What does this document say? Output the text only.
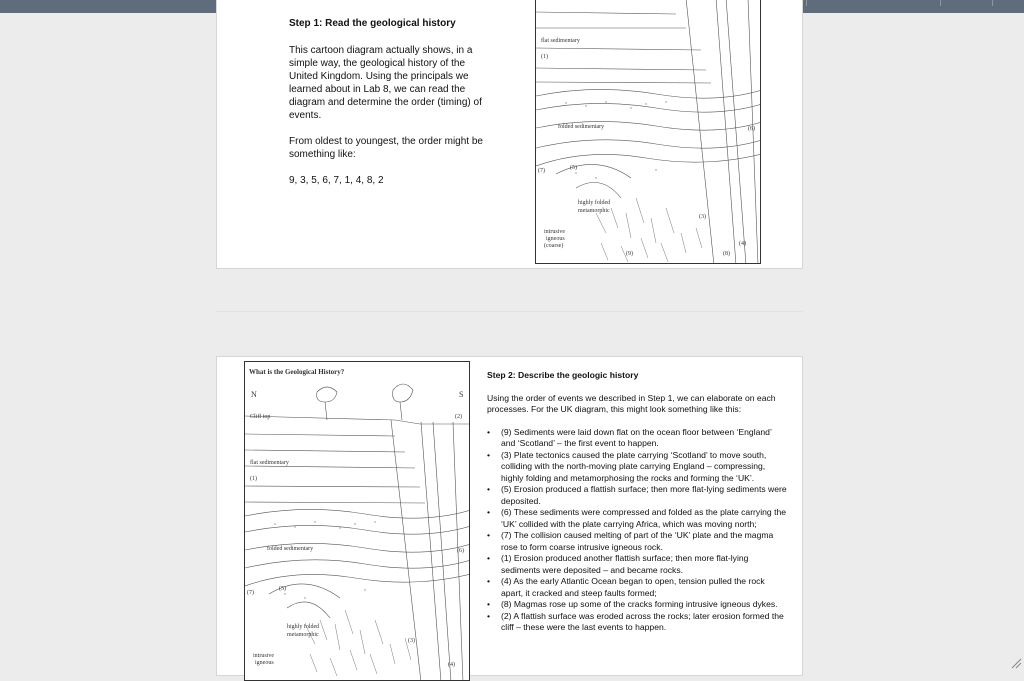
Step 1: Read the geological history

This cartoon diagram actually shows, in a simple way, the geological history of the United Kingdom. Using the principals we learned about in Lab 8, we can read the diagram and determine the order (timing) of events.

From oldest to youngest, the order might be something like:

9, 3, 5, 6, 7, 1, 4, 8, 2

flat sedimentary
(1)
folded sedimentary
(5)
(7)
highly folded
metamorphic
intrusive
igneous
(coarse)
(3)
(6)
(9)	(8)
(4)
What is the Geological History?
N	S
Cliff top	(2)
flat sedimentary
(1)
folded sedimentary
(5)
(7)
(6)
highly folded
metamorphic
(3)
intrusive
igneous	(4)
Step 2: Describe the geologic history

Using the order of events we described in Step 1, we can elaborate on each processes. For the UK diagram, this might look something like this:

• (9) Sediments were laid down flat on the ocean floor between ‘England’ and ‘Scotland’ – the first event to happen.
• (3) Plate tectonics caused the plate carrying ‘Scotland’ to move south, colliding with the north-moving plate carrying England – compressing, highly folding and metamorphosing the rocks and forming the ‘UK’.
• (5) Erosion produced a flattish surface; then more flat-lying sediments were deposited.
• (6) These sediments were compressed and folded as the plate carrying the ‘UK’ collided with the plate carrying Africa, which was moving north;
• (7) The collision caused melting of part of the ‘UK’ plate and the magma rose to form coarse intrusive igneous rock.
• (1) Erosion produced another flattish surface; then more flat-lying sediments were deposited – and became rocks.
• (4) As the early Atlantic Ocean began to open, tension pulled the rock apart, it cracked and steep faults formed;
• (8) Magmas rose up some of the cracks forming intrusive igneous dykes.
• (2) A flattish surface was eroded across the rocks; later erosion formed the cliff – these were the last events to happen.
